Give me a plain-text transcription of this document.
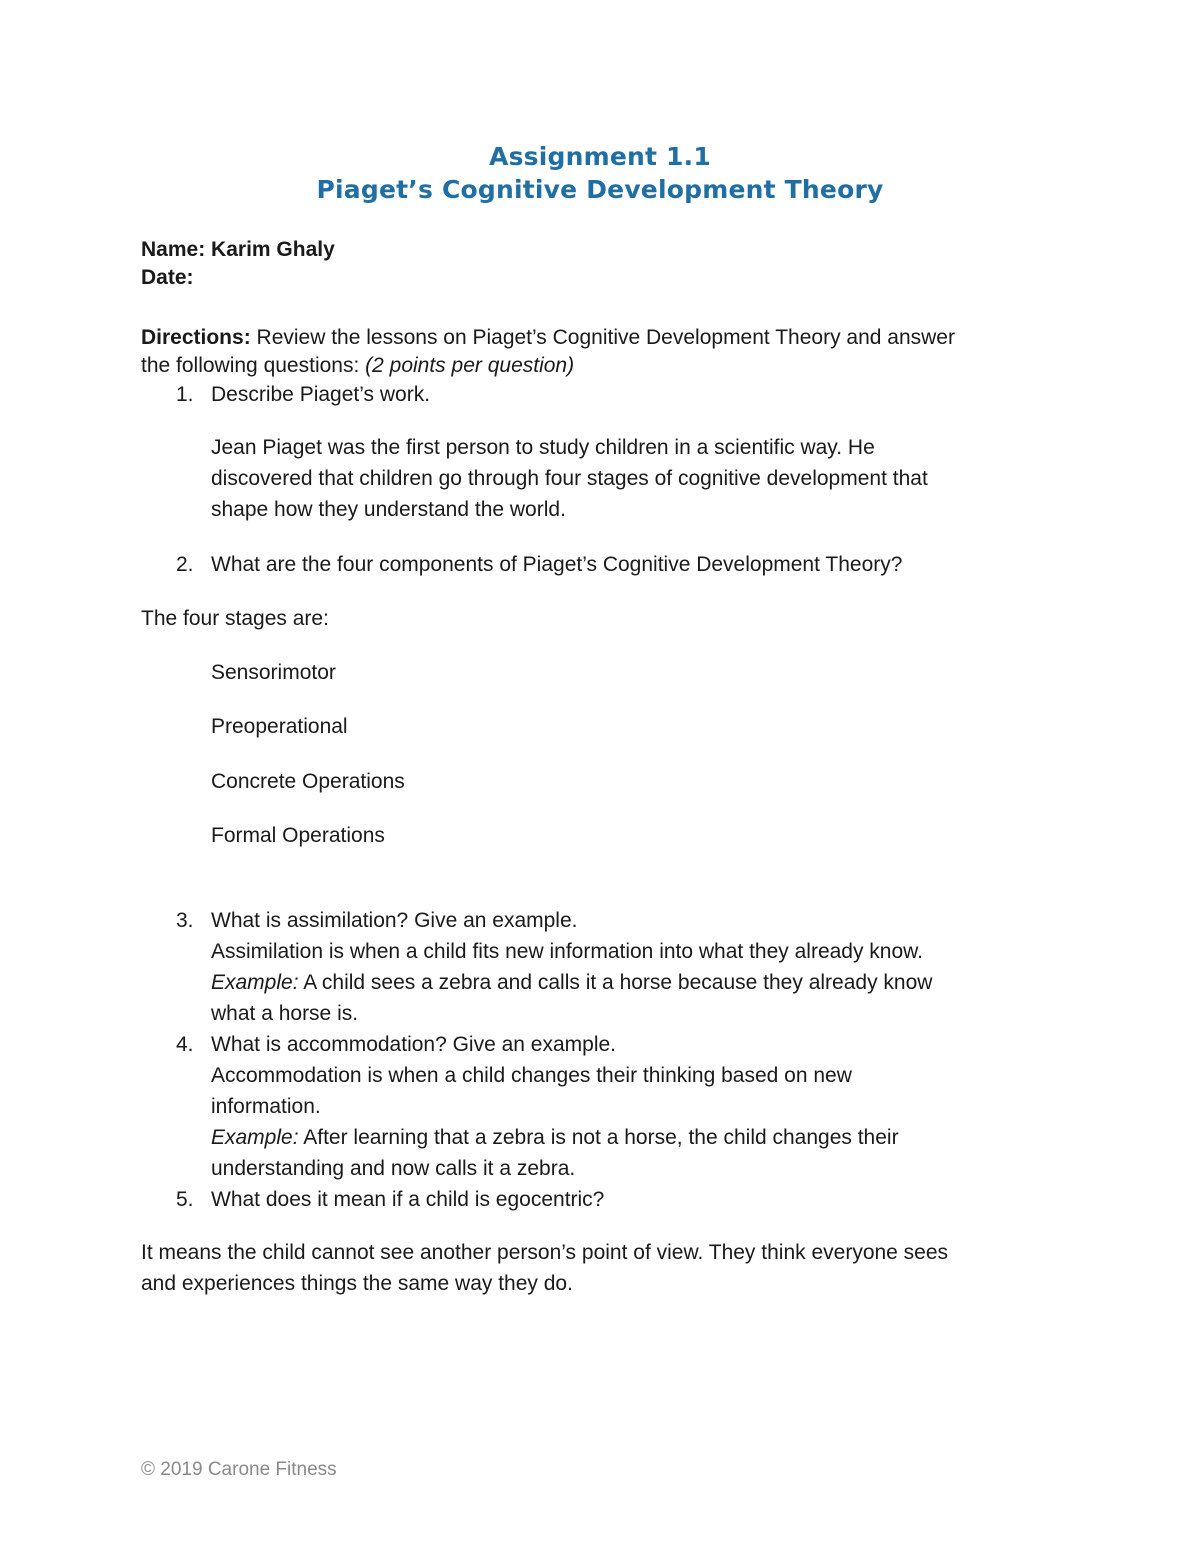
Assignment 1.1
Piaget’s Cognitive Development Theory
Name: Karim Ghaly
Date:
Directions: Review the lessons on Piaget’s Cognitive Development Theory and answer
the following questions: (2 points per question)
1. Describe Piaget’s work.
Jean Piaget was the first person to study children in a scientific way. He
discovered that children go through four stages of cognitive development that
shape how they understand the world.
2. What are the four components of Piaget’s Cognitive Development Theory?
The four stages are:
Sensorimotor
Preoperational
Concrete Operations
Formal Operations
3. What is assimilation? Give an example.
Assimilation is when a child fits new information into what they already know.
Example: A child sees a zebra and calls it a horse because they already know
what a horse is.
4. What is accommodation? Give an example.
Accommodation is when a child changes their thinking based on new
information.
Example: After learning that a zebra is not a horse, the child changes their
understanding and now calls it a zebra.
5. What does it mean if a child is egocentric?
It means the child cannot see another person’s point of view. They think everyone sees
and experiences things the same way they do.
© 2019 Carone Fitness
